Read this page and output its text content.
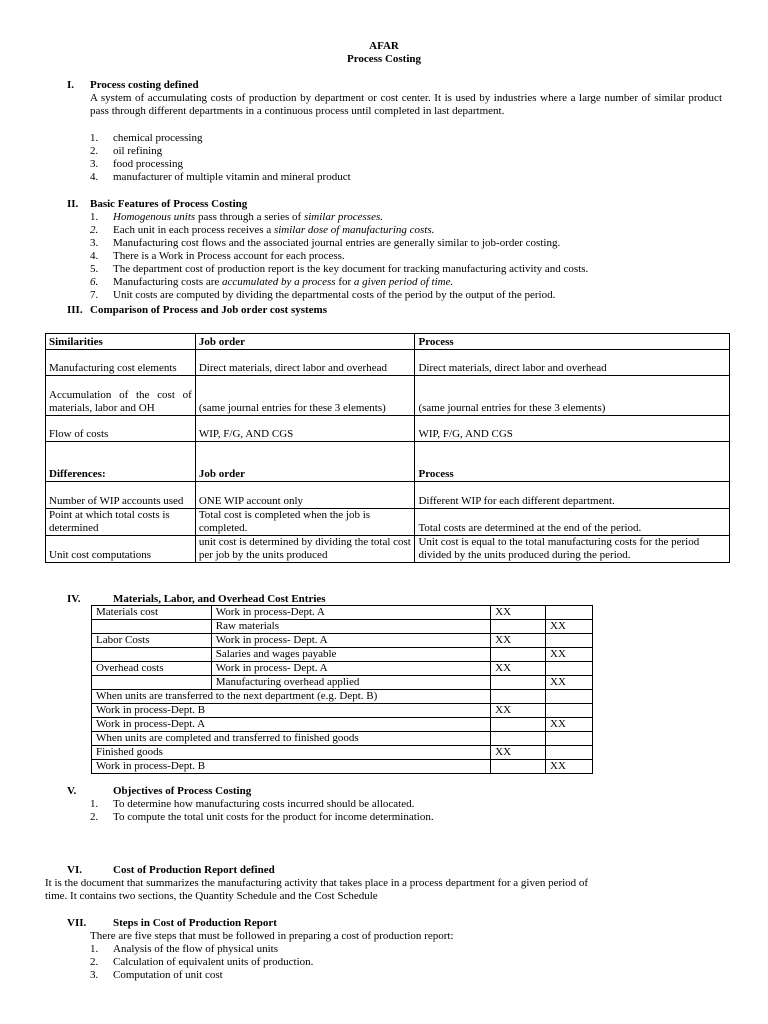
AFAR
Process Costing
I. Process costing defined
A system of accumulating costs of production by department or cost center. It is used by industries where a large number of similar product pass through different departments in a continuous process until completed in last department.
1. chemical processing
2. oil refining
3. food processing
4. manufacturer of multiple vitamin and mineral product
II. Basic Features of Process Costing
1. Homogenous units pass through a series of similar processes.
2. Each unit in each process receives a similar dose of manufacturing costs.
3. Manufacturing cost flows and the associated journal entries are generally similar to job-order costing.
4. There is a Work in Process account for each process.
5. The department cost of production report is the key document for tracking manufacturing activity and costs.
6. Manufacturing costs are accumulated by a process for a given period of time.
7. Unit costs are computed by dividing the departmental costs of the period by the output of the period.
III. Comparison of Process and Job order cost systems
Similarities	Job order	Process
Manufacturing cost elements	Direct materials, direct labor and overhead	Direct materials, direct labor and overhead
Accumulation of the cost of materials, labor and OH	(same journal entries for these 3 elements)	(same journal entries for these 3 elements)
Flow of costs	WIP, F/G, AND CGS	WIP, F/G, AND CGS
Differences:	Job order	Process
Number of WIP accounts used	ONE WIP account only	Different WIP for each different department.
Point at which total costs is determined	Total cost is completed when the job is completed.	Total costs are determined at the end of the period.
Unit cost computations	unit cost is determined by dividing the total cost per job by the units produced	Unit cost is equal to the total manufacturing costs for the period divided by the units produced during the period.
IV.	Materials, Labor, and Overhead Cost Entries
Materials cost	Work in process-Dept. A	XX	
	Raw materials		XX
Labor Costs	Work in process- Dept. A	XX	
	Salaries and wages payable		XX
Overhead costs	Work in process- Dept. A	XX	
	Manufacturing overhead applied		XX
When units are transferred to the next department (e.g. Dept. B)			
Work in process-Dept. B		XX	
Work in process-Dept. A			XX
When units are completed and transferred to finished goods			
Finished goods		XX	
Work in process-Dept. B			XX
V.	Objectives of Process Costing
1. To determine how manufacturing costs incurred should be allocated.
2. To compute the total unit costs for the product for income determination.
VI.	Cost of Production Report defined
It is the document that summarizes the manufacturing activity that takes place in a process department for a given period of
time. It contains two sections, the Quantity Schedule and the Cost Schedule
VII. Steps in Cost of Production Report
There are five steps that must be followed in preparing a cost of production report:
1. Analysis of the flow of physical units
2. Calculation of equivalent units of production.
3. Computation of unit cost
